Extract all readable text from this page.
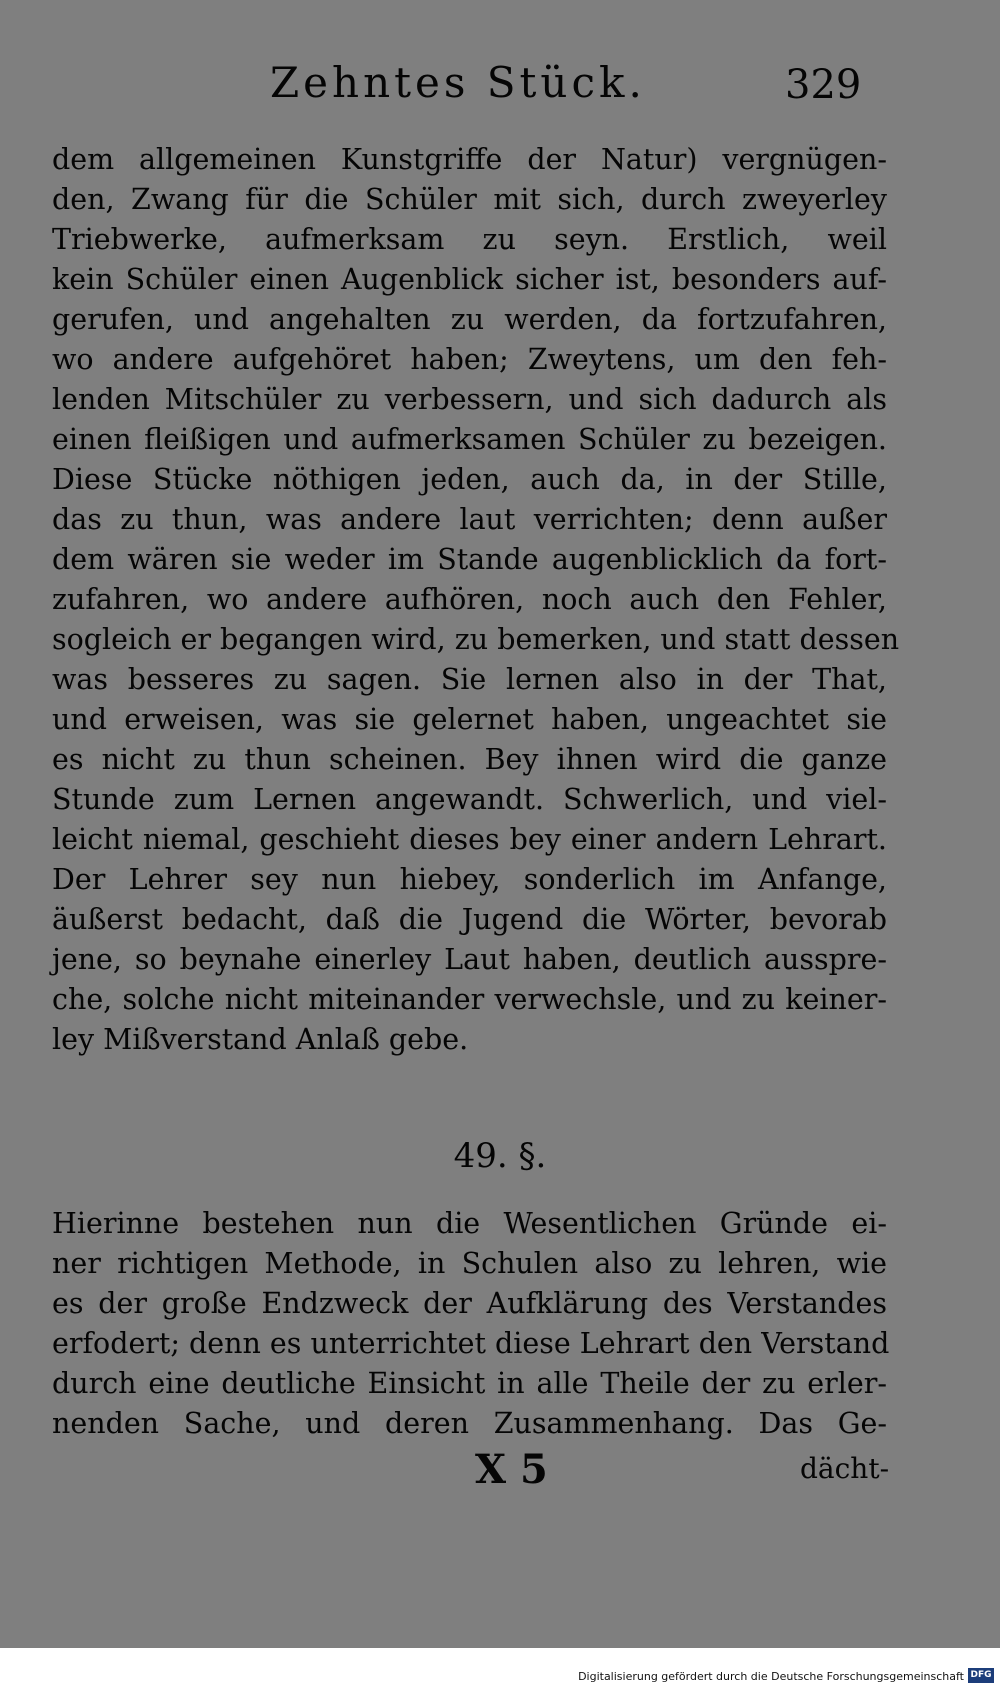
Zehntes Stück.	329
dem allgemeinen Kunstgriffe der Natur) vergnügen-
den, Zwang für die Schüler mit sich, durch zweyerley
Triebwerke, aufmerksam zu seyn. Erstlich, weil
kein Schüler einen Augenblick sicher ist, besonders auf-
gerufen, und angehalten zu werden, da fortzufahren,
wo andere aufgehöret haben; Zweytens, um den feh-
lenden Mitschüler zu verbessern, und sich dadurch als
einen fleißigen und aufmerksamen Schüler zu bezeigen.
Diese Stücke nöthigen jeden, auch da, in der Stille,
das zu thun, was andere laut verrichten; denn außer
dem wären sie weder im Stande augenblicklich da fort-
zufahren, wo andere aufhören, noch auch den Fehler,
sogleich er begangen wird, zu bemerken, und statt dessen
was besseres zu sagen. Sie lernen also in der That,
und erweisen, was sie gelernet haben, ungeachtet sie
es nicht zu thun scheinen. Bey ihnen wird die ganze
Stunde zum Lernen angewandt. Schwerlich, und viel-
leicht niemal, geschieht dieses bey einer andern Lehrart.
Der Lehrer sey nun hiebey, sonderlich im Anfange,
äußerst bedacht, daß die Jugend die Wörter, bevorab
jene, so beynahe einerley Laut haben, deutlich ausspre-
che, solche nicht miteinander verwechsle, und zu keiner-
ley Mißverstand Anlaß gebe.
49. §.
Hierinne bestehen nun die Wesentlichen Gründe ei-
ner richtigen Methode, in Schulen also zu lehren, wie
es der große Endzweck der Aufklärung des Verstandes
erfodert; denn es unterrichtet diese Lehrart den Verstand
durch eine deutliche Einsicht in alle Theile der zu erler-
nenden Sache, und deren Zusammenhang. Das Ge-
X 5	dächt-
Digitalisierung gefördert durch die Deutsche Forschungsgemeinschaft DFG
